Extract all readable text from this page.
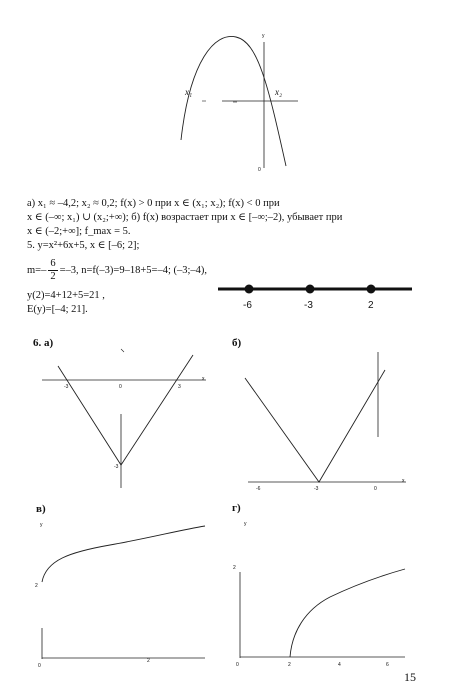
x₁	x₂
y
0
а) x₁ ≈ –4,2; x₂ ≈ 0,2; f(x) > 0 при x ∈ (x₁; x₂); f(x) < 0 при
x ∈ (–∞; x₁) ∪ (x₂;+∞); б) f(x) возрастает при x ∈ [–∞;–2), убывает при
x ∈ (–2;+∞]; f_max = 5.
5. y=x²+6x+5, x ∈ [–6; 2];
$m=- \frac{6}{2} =-3$, n=f(–3)=9–18+5=–4; (–3;–4),
y(2)=4+12+5=21 ,
E(y)=[–4; 21].	-6	-3	2
6. а)	б)
в)	г)
-3	0	3
-3
x
-6	-3	0
x
y
2
0
2
y
2
0	2	4	6
15
